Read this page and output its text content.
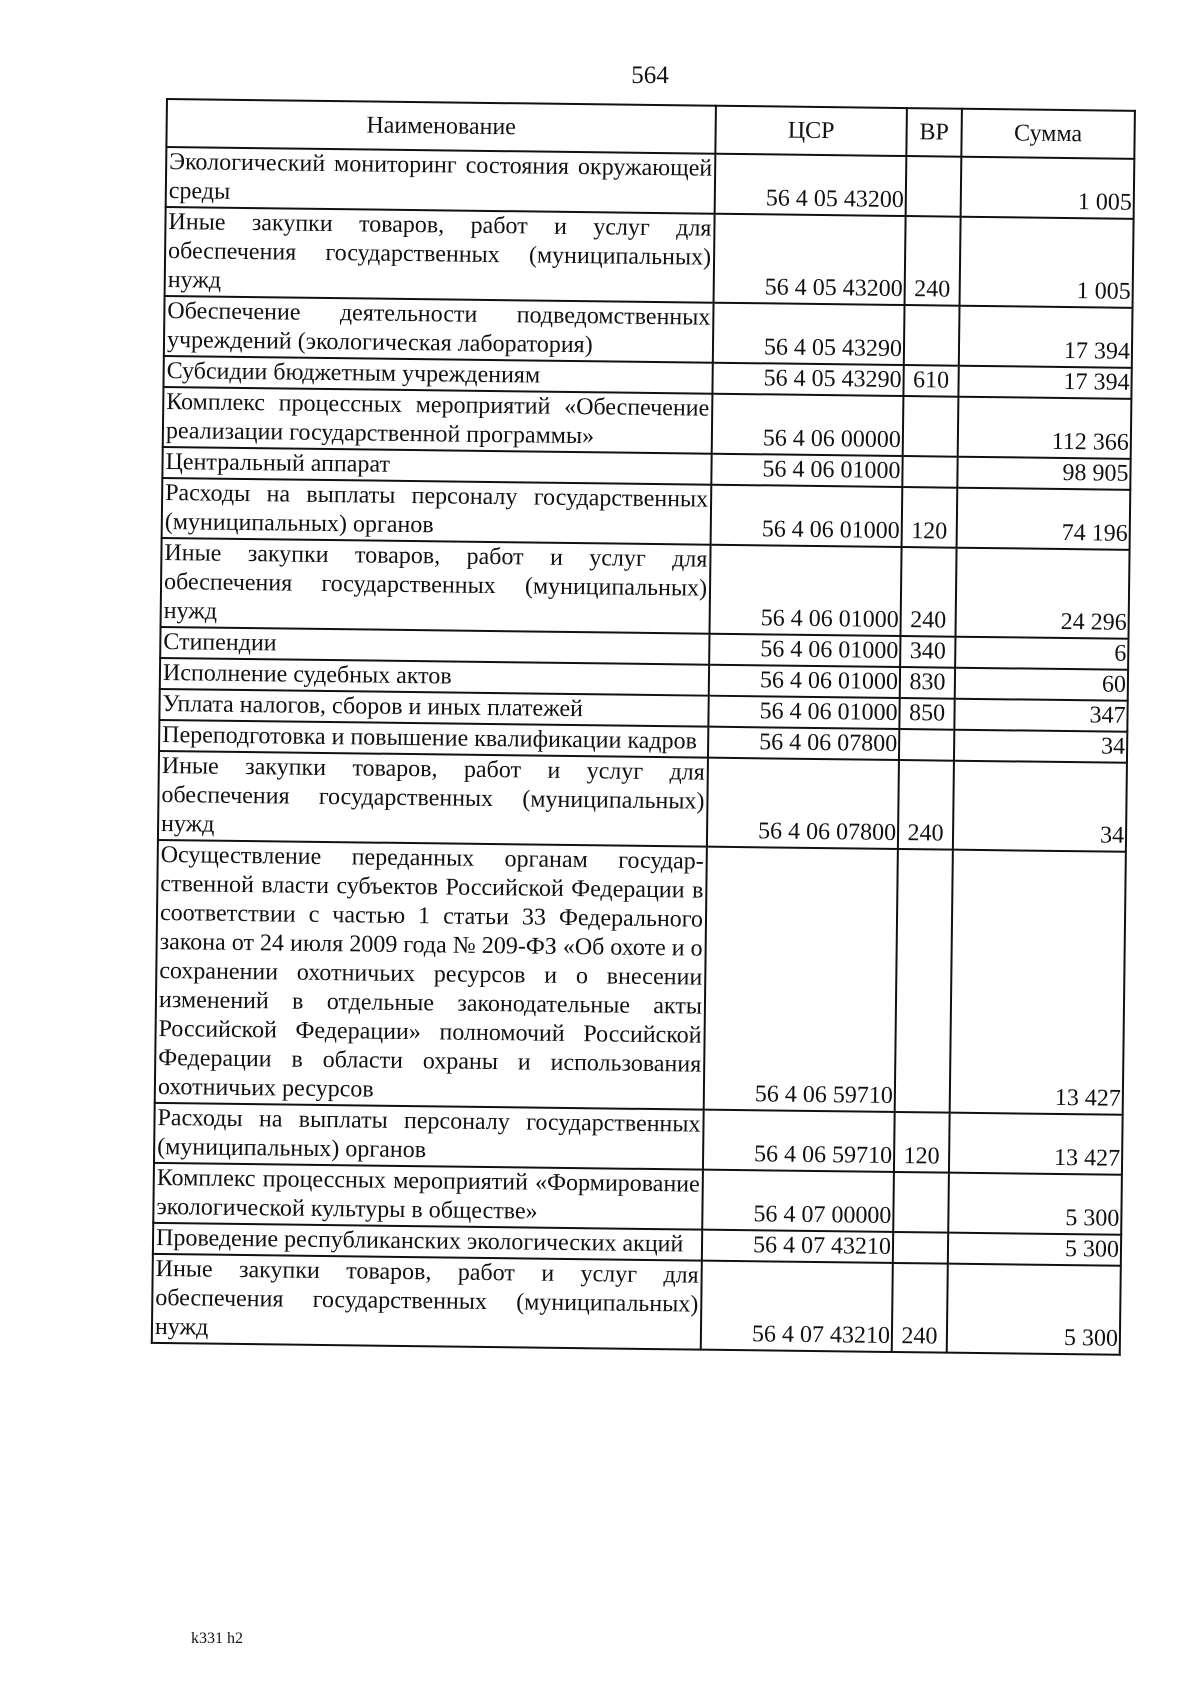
564
Наименование	ЦСР	ВР	Сумма
Экологический мониторинг состояния окружающей среды	56 4 05 43200		1 005
Иные закупки товаров, работ и услуг для обеспечения государственных (муниципальных) нужд	56 4 05 43200	240	1 005
Обеспечение деятельности подведомственных учреждений (экологическая лаборатория)	56 4 05 43290		17 394
Субсидии бюджетным учреждениям	56 4 05 43290	610	17 394
Комплекс процессных мероприятий «Обеспечение реализации государственной программы»	56 4 06 00000		112 366
Центральный аппарат	56 4 06 01000		98 905
Расходы на выплаты персоналу государственных (муниципальных) органов	56 4 06 01000	120	74 196
Иные закупки товаров, работ и услуг для обеспечения государственных (муниципальных) нужд	56 4 06 01000	240	24 296
Стипендии	56 4 06 01000	340	6
Исполнение судебных актов	56 4 06 01000	830	60
Уплата налогов, сборов и иных платежей	56 4 06 01000	850	347
Переподготовка и повышение квалификации кадров	56 4 06 07800		34
Иные закупки товаров, работ и услуг для обеспечения государственных (муниципальных) нужд	56 4 06 07800	240	34
Осуществление переданных органам государственной власти субъектов Российской Федерации в соответствии с частью 1 статьи 33 Федерального закона от 24 июля 2009 года № 209-ФЗ «Об охоте и о сохранении охотничьих ресурсов и о внесении изменений в отдельные законодательные акты Российской Федерации» полномочий Российской Федерации в области охраны и использования охотничьих ресурсов	56 4 06 59710		13 427
Расходы на выплаты персоналу государственных (муниципальных) органов	56 4 06 59710	120	13 427
Комплекс процессных мероприятий «Формирование экологической культуры в обществе»	56 4 07 00000		5 300
Проведение республиканских экологических акций	56 4 07 43210		5 300
Иные закупки товаров, работ и услуг для обеспечения государственных (муниципальных) нужд	56 4 07 43210	240	5 300
k331 h2
